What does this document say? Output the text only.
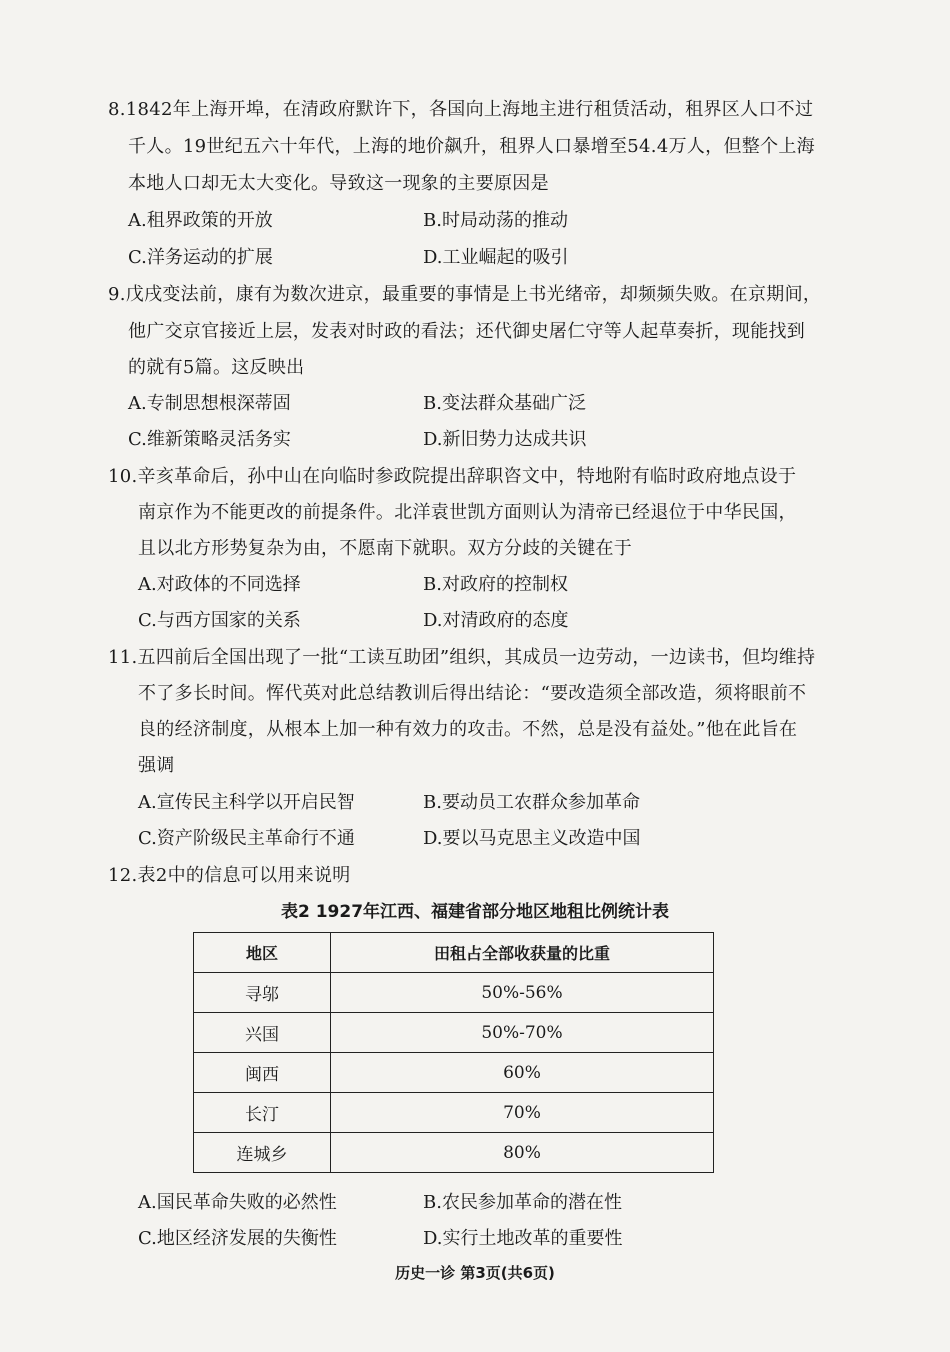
8.1842年上海开埠，在清政府默许下，各国向上海地主进行租赁活动，租界区人口不过
千人。19世纪五六十年代，上海的地价飙升，租界人口暴增至54.4万人，但整个上海
本地人口却无太大变化。导致这一现象的主要原因是
A.租界政策的开放	B.时局动荡的推动
C.洋务运动的扩展	D.工业崛起的吸引
9.戊戌变法前，康有为数次进京，最重要的事情是上书光绪帝，却频频失败。在京期间，
他广交京官接近上层，发表对时政的看法；还代御史屠仁守等人起草奏折，现能找到
的就有5篇。这反映出
A.专制思想根深蒂固	B.变法群众基础广泛
C.维新策略灵活务实	D.新旧势力达成共识
10.辛亥革命后，孙中山在向临时参政院提出辞职咨文中，特地附有临时政府地点设于
南京作为不能更改的前提条件。北洋袁世凯方面则认为清帝已经退位于中华民国，
且以北方形势复杂为由，不愿南下就职。双方分歧的关键在于
A.对政体的不同选择	B.对政府的控制权
C.与西方国家的关系	D.对清政府的态度
11.五四前后全国出现了一批“工读互助团”组织，其成员一边劳动，一边读书，但均维持
不了多长时间。恽代英对此总结教训后得出结论：“要改造须全部改造，须将眼前不
良的经济制度，从根本上加一种有效力的攻击。不然，总是没有益处。”他在此旨在
强调
A.宣传民主科学以开启民智	B.要动员工农群众参加革命
C.资产阶级民主革命行不通	D.要以马克思主义改造中国
12.表2中的信息可以用来说明
表2 1927年江西、福建省部分地区地租比例统计表
地区	田租占全部收获量的比重
寻邬	50%-56%
兴国	50%-70%
闽西	60%
长汀	70%
连城乡	80%
A.国民革命失败的必然性	B.农民参加革命的潜在性
C.地区经济发展的失衡性	D.实行土地改革的重要性
历史一诊 第3页(共6页)
